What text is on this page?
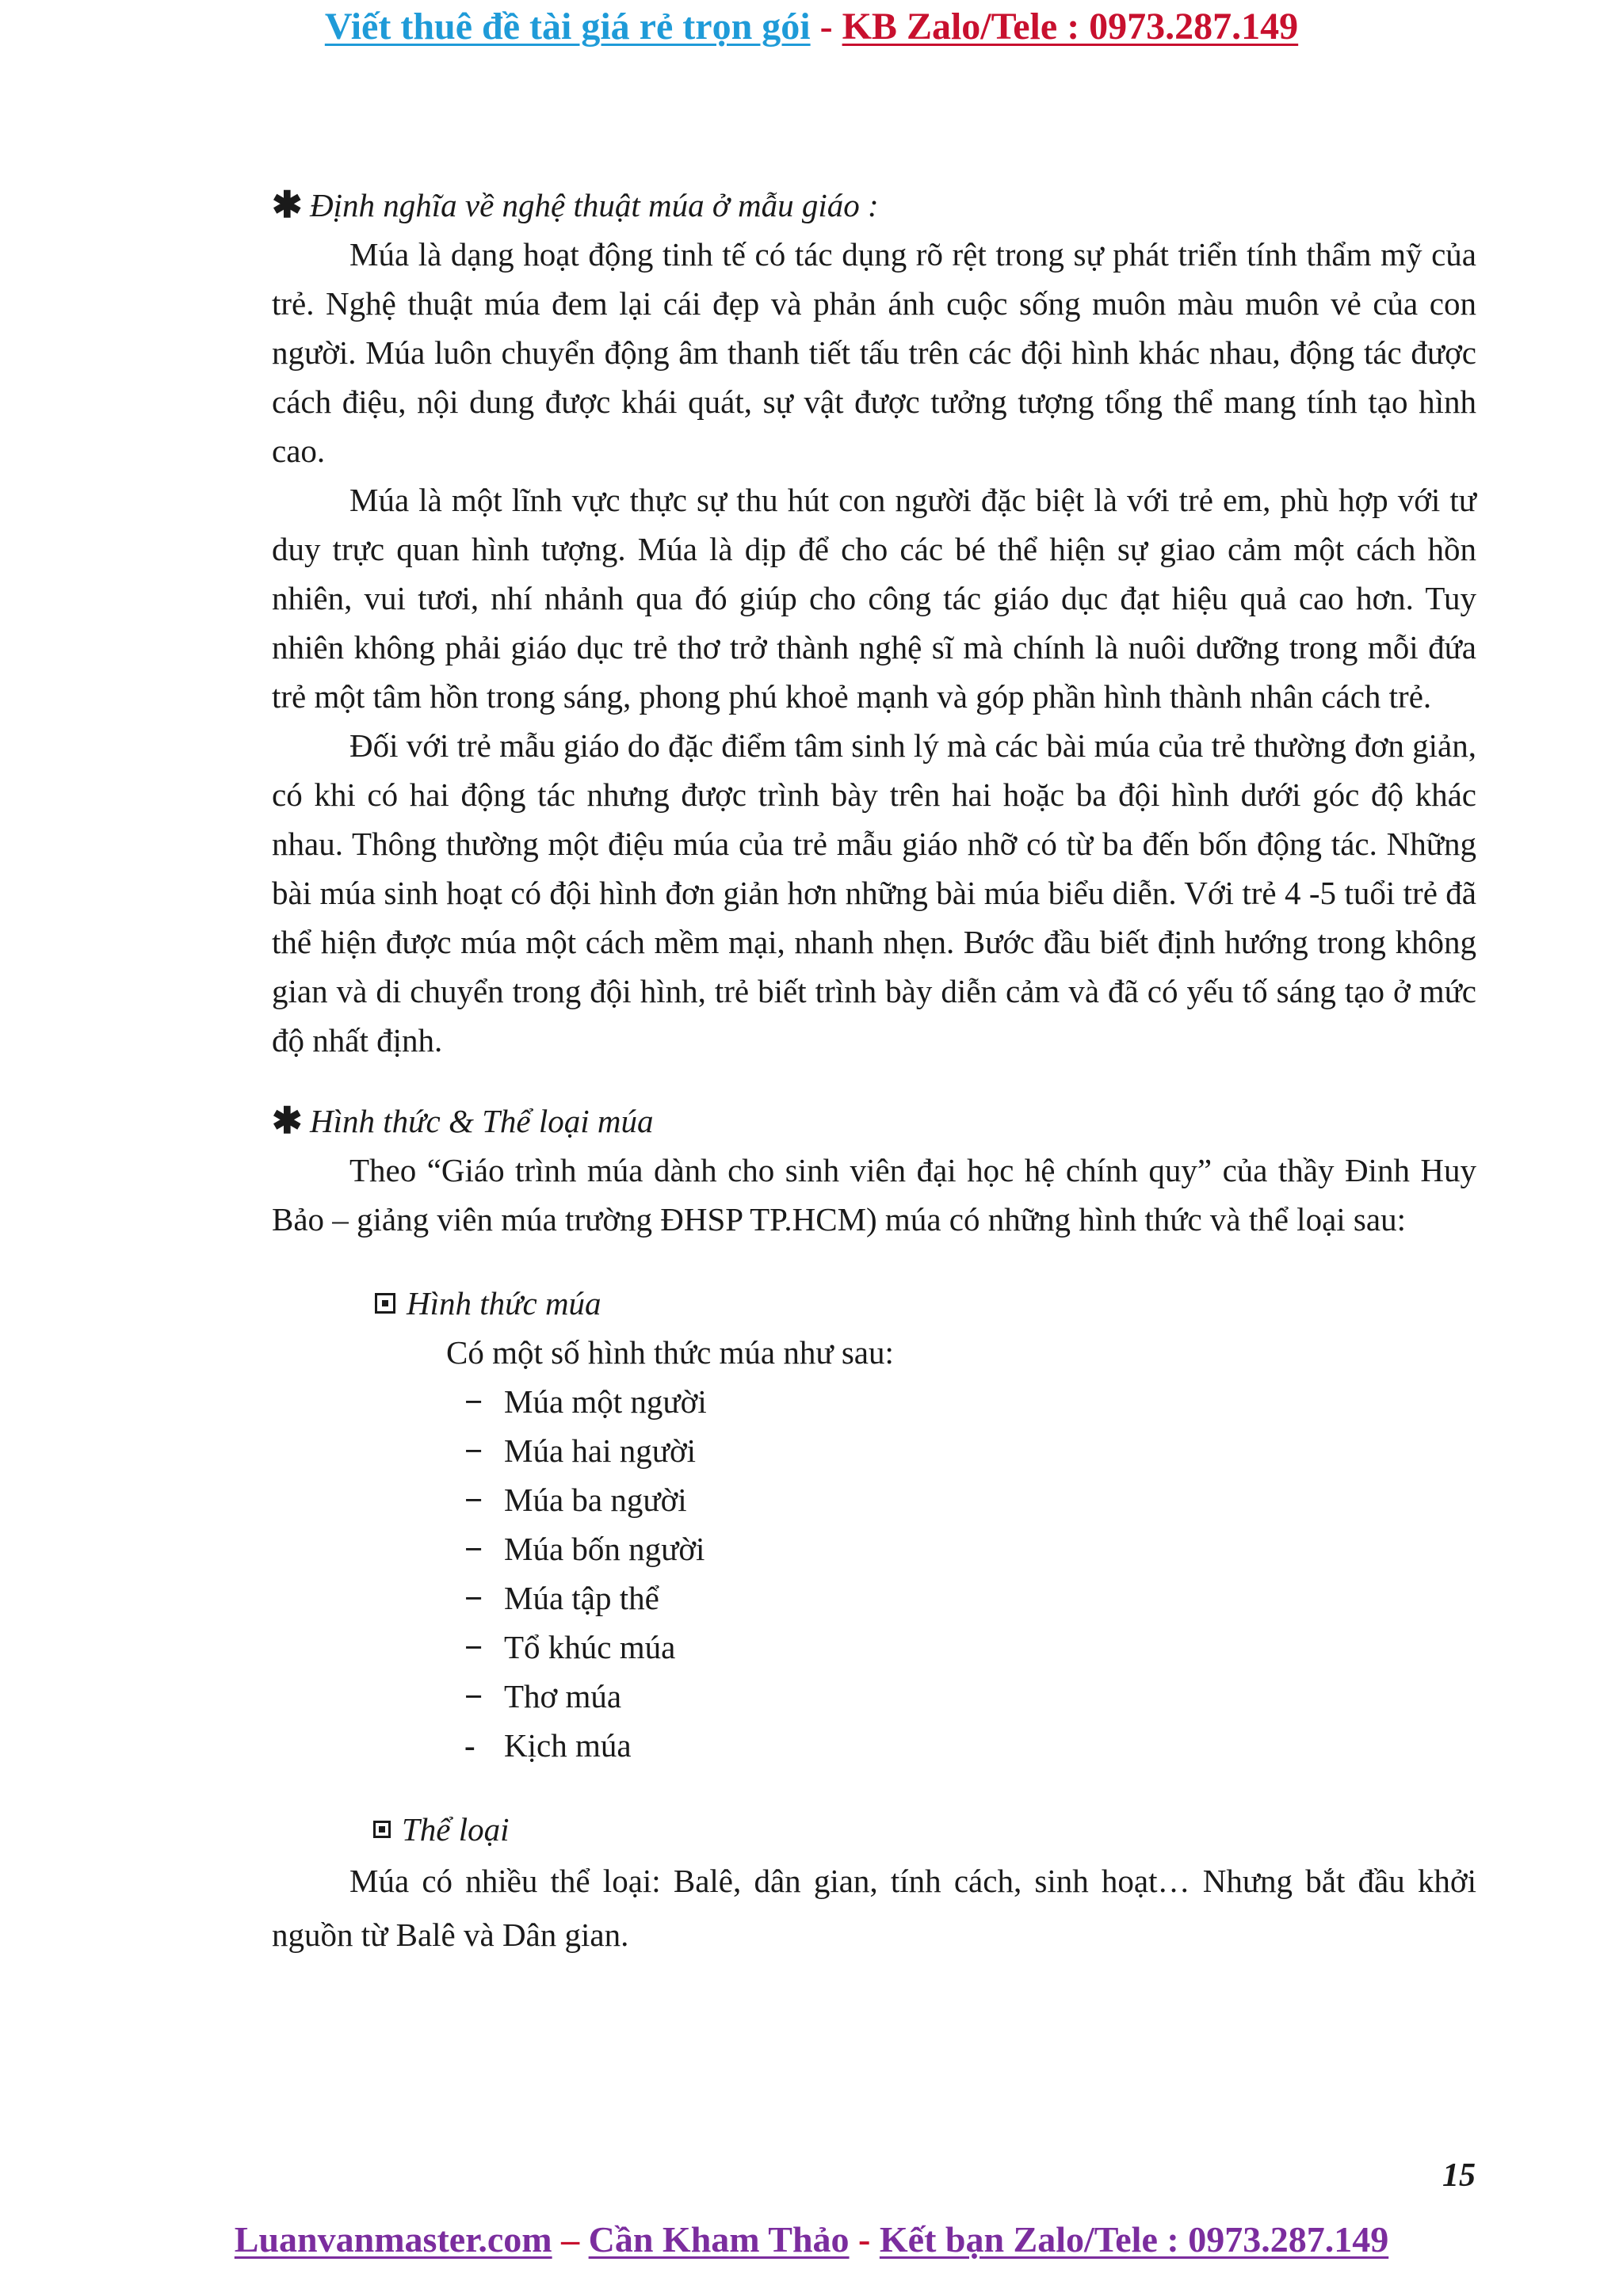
Viết thuê đề tài giá rẻ trọn gói - KB Zalo/Tele : 0973.287.149

✱ Định nghĩa về nghệ thuật múa ở mẫu giáo :

Múa là dạng hoạt động tinh tế có tác dụng rõ rệt trong sự phát triển tính thẩm mỹ của trẻ. Nghệ thuật múa đem lại cái đẹp và phản ánh cuộc sống muôn màu muôn vẻ của con người. Múa luôn chuyển động âm thanh tiết tấu trên các đội hình khác nhau, động tác được cách điệu, nội dung được khái quát, sự vật được tưởng tượng tổng thể mang tính tạo hình cao.

Múa là một lĩnh vực thực sự thu hút con người đặc biệt là với trẻ em, phù hợp với tư duy trực quan hình tượng. Múa là dịp để cho các bé thể hiện sự giao cảm một cách hồn nhiên, vui tươi, nhí nhảnh qua đó giúp cho công tác giáo dục đạt hiệu quả cao hơn. Tuy nhiên không phải giáo dục trẻ thơ trở thành nghệ sĩ mà chính là nuôi dưỡng trong mỗi đứa trẻ một tâm hồn trong sáng, phong phú khoẻ mạnh và góp phần hình thành nhân cách trẻ.

Đối với trẻ mẫu giáo do đặc điểm tâm sinh lý mà các bài múa của trẻ thường đơn giản, có khi có hai động tác nhưng được trình bày trên hai hoặc ba đội hình dưới góc độ khác nhau. Thông thường một điệu múa của trẻ mẫu giáo nhỡ có từ ba đến bốn động tác. Những bài múa sinh hoạt có đội hình đơn giản hơn những bài múa biểu diễn. Với trẻ 4 -5 tuổi trẻ đã thể hiện được múa một cách mềm mại, nhanh nhẹn. Bước đầu biết định hướng trong không gian và di chuyển trong đội hình, trẻ biết trình bày diễn cảm và đã có yếu tố sáng tạo ở mức độ nhất định.

✱ Hình thức & Thể loại múa

Theo “Giáo trình múa dành cho sinh viên đại học hệ chính quy” của thầy Đinh Huy Bảo – giảng viên múa trường ĐHSP TP.HCM) múa có những hình thức và thể loại sau:

Hình thức múa

Có một số hình thức múa như sau:

− Múa một người
− Múa hai người
− Múa ba người
− Múa bốn người
− Múa tập thể
− Tổ khúc múa
− Thơ múa
- Kịch múa

Thể loại

Múa có nhiều thể loại: Balê, dân gian, tính cách, sinh hoạt… Nhưng bắt đầu khởi nguồn từ Balê và Dân gian.

15
Luanvanmaster.com – Cần Kham Thảo - Kết bạn Zalo/Tele : 0973.287.149
